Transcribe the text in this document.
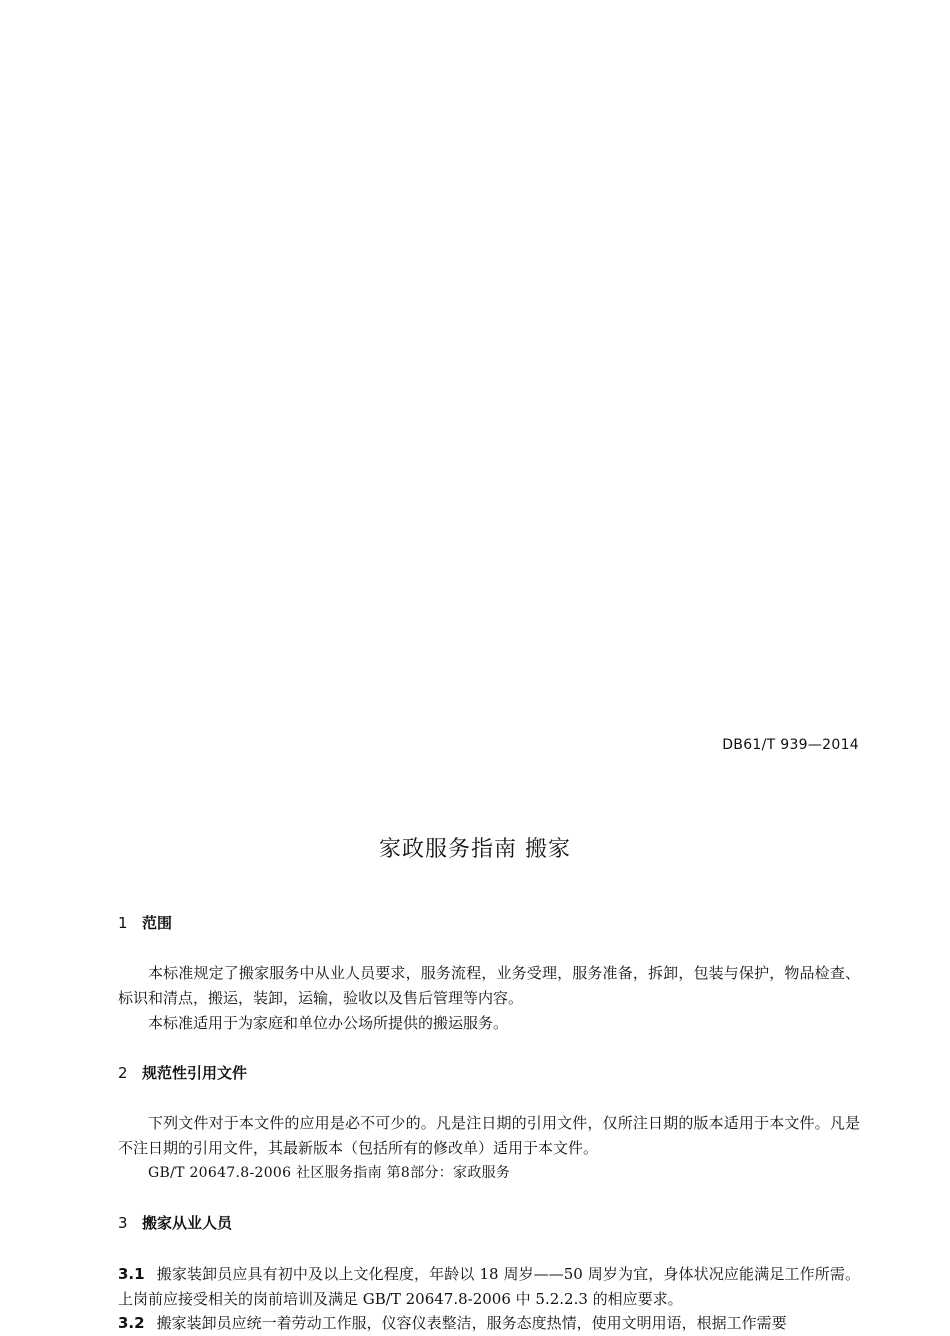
DB61/T 939—2014
家政服务指南 搬家
1 范围

本标准规定了搬家服务中从业人员要求，服务流程，业务受理，服务准备，拆卸，包装与保护，物品检查、标识和清点，搬运，装卸，运输，验收以及售后管理等内容。

本标准适用于为家庭和单位办公场所提供的搬运服务。

2 规范性引用文件

下列文件对于本文件的应用是必不可少的。凡是注日期的引用文件，仅所注日期的版本适用于本文件。凡是不注日期的引用文件，其最新版本（包括所有的修改单）适用于本文件。

GB/T 20647.8-2006 社区服务指南 第8部分：家政服务

3 搬家从业人员

3.1 搬家装卸员应具有初中及以上文化程度，年龄以 18 周岁——50 周岁为宜，身体状况应能满足工作所需。上岗前应接受相关的岗前培训及满足 GB/T 20647.8-2006 中 5.2.2.3 的相应要求。

3.2 搬家装卸员应统一着劳动工作服，仪容仪表整洁，服务态度热情，使用文明用语，根据工作需要
